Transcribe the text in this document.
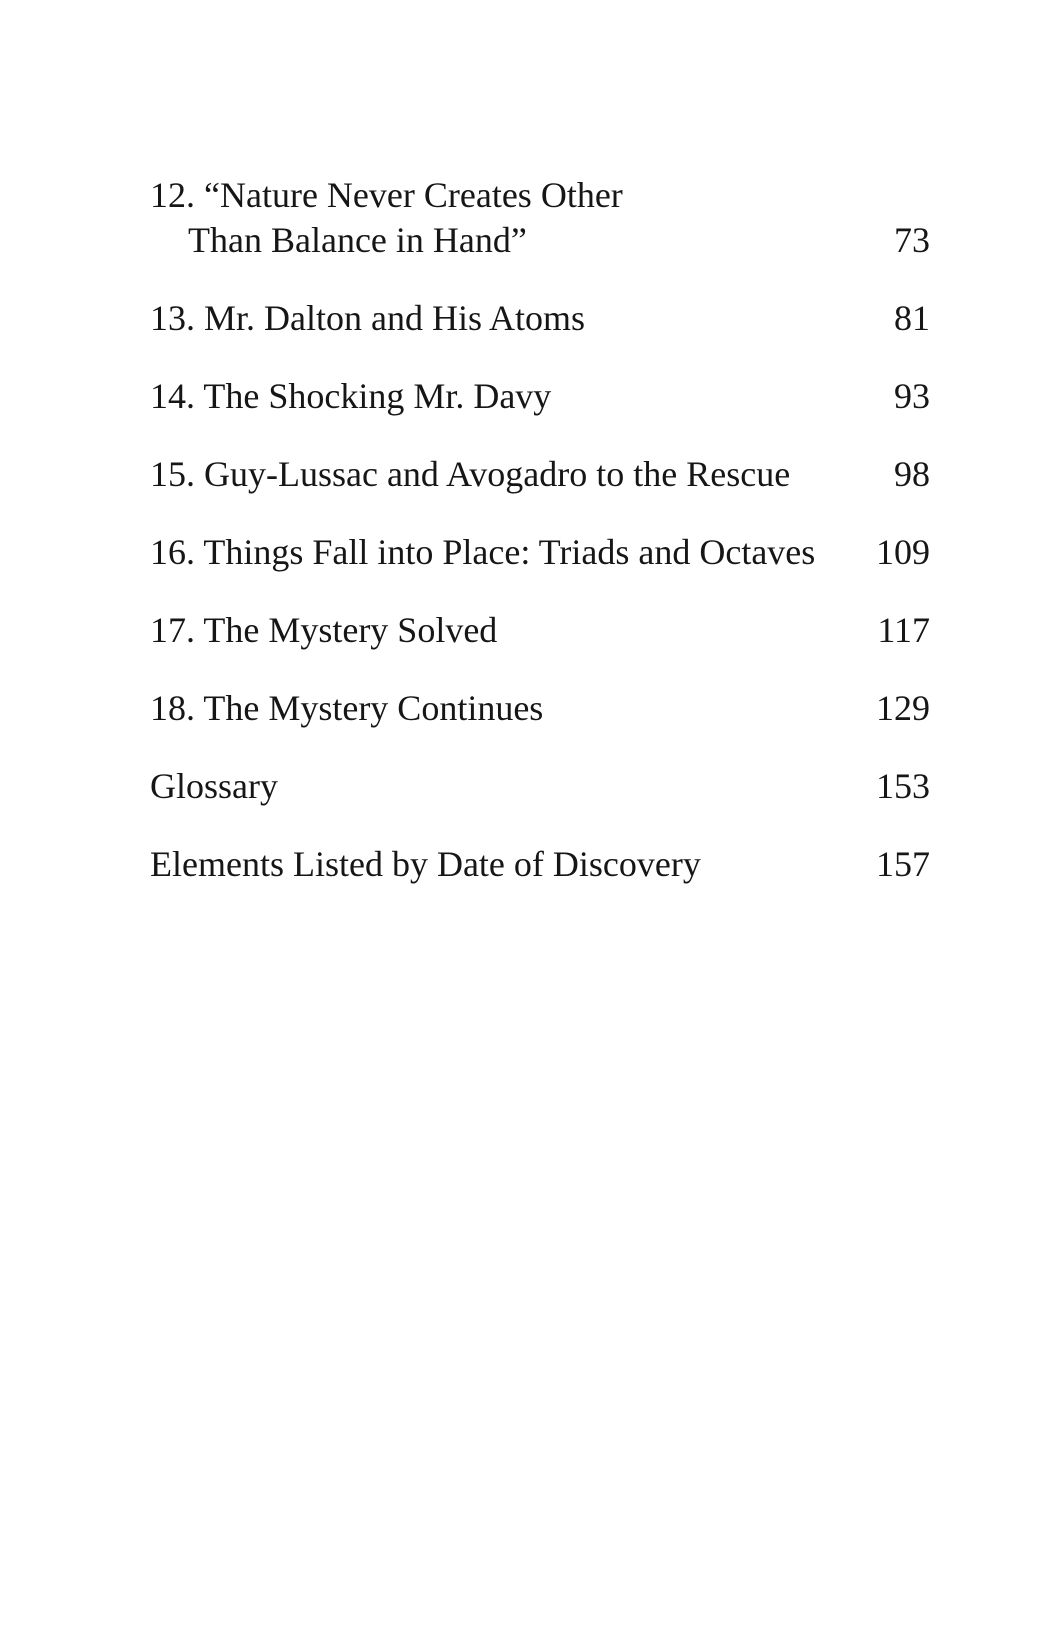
12. “Nature Never Creates Other
Than Balance in Hand”	73
13. Mr. Dalton and His Atoms	81
14. The Shocking Mr. Davy	93
15. Guy-Lussac and Avogadro to the Rescue	98
16. Things Fall into Place: Triads and Octaves	109
17. The Mystery Solved	117
18. The Mystery Continues	129
Glossary	153
Elements Listed by Date of Discovery	157
